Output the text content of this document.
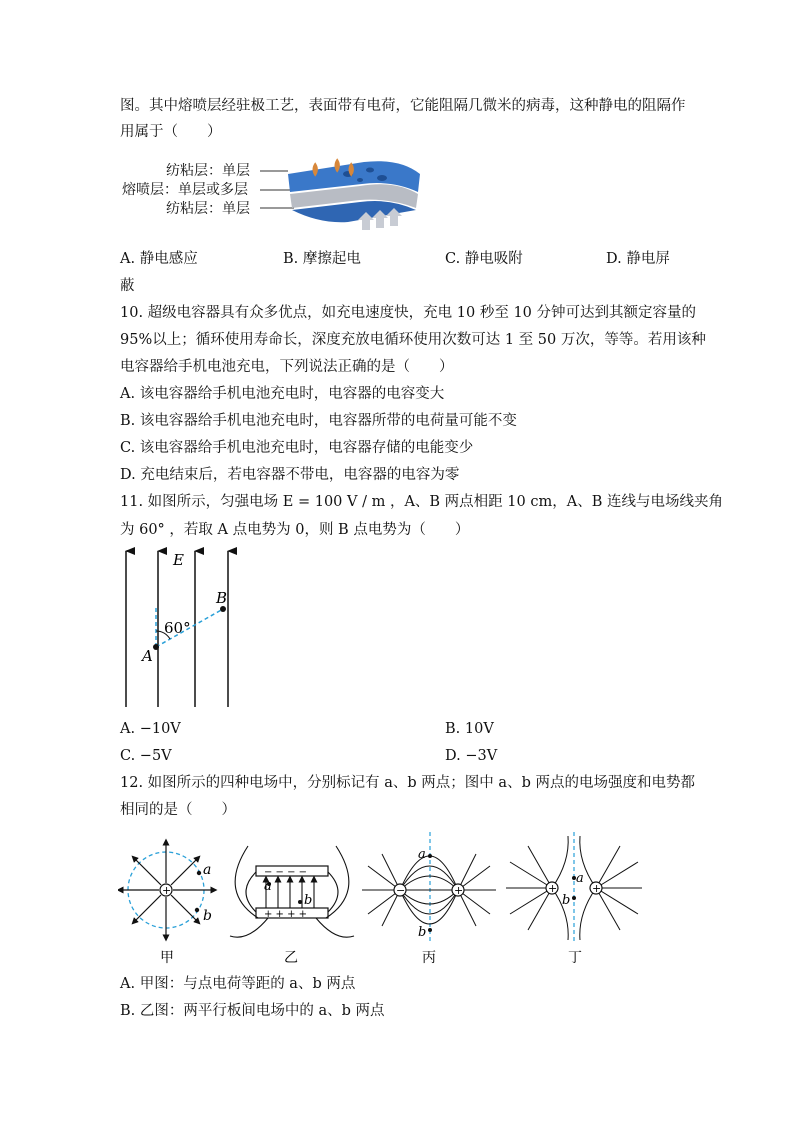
图。其中熔喷层经驻极工艺，表面带有电荷，它能阻隔几微米的病毒，这种静电的阻隔作
用属于（　　）
纺粘层：单层
熔喷层：单层或多层
纺粘层：单层
A. 静电感应	B. 摩擦起电	C. 静电吸附	D. 静电屏
蔽
10. 超级电容器具有众多优点，如充电速度快，充电 10 秒至 10 分钟可达到其额定容量的
95%以上；循环使用寿命长，深度充放电循环使用次数可达 1 至 50 万次，等等。若用该种
电容器给手机电池充电，下列说法正确的是（　　）
A. 该电容器给手机电池充电时，电容器的电容变大
B. 该电容器给手机电池充电时，电容器所带的电荷量可能不变
C. 该电容器给手机电池充电时，电容器存储的电能变少
D. 充电结束后，若电容器不带电，电容器的电容为零
11. 如图所示，匀强电场 E = 100 V / m ，A、B 两点相距 10 cm，A、B 连线与电场线夹角
为 60° ，若取 A 点电势为 0，则 B 点电势为（　　）
E
B
A
60°
A. −10V	B. 10V
C. −5V	D. −3V
12. 如图所示的四种电场中，分别标记有 a、b 两点；图中 a、b 两点的电场强度和电势都
相同的是（　　）
+
a
b
甲
− − − −
+ + + +
a
b
乙
−	+
a
b
丙
+	+
a
b
丁
A. 甲图：与点电荷等距的 a、b 两点
B. 乙图：两平行板间电场中的 a、b 两点
